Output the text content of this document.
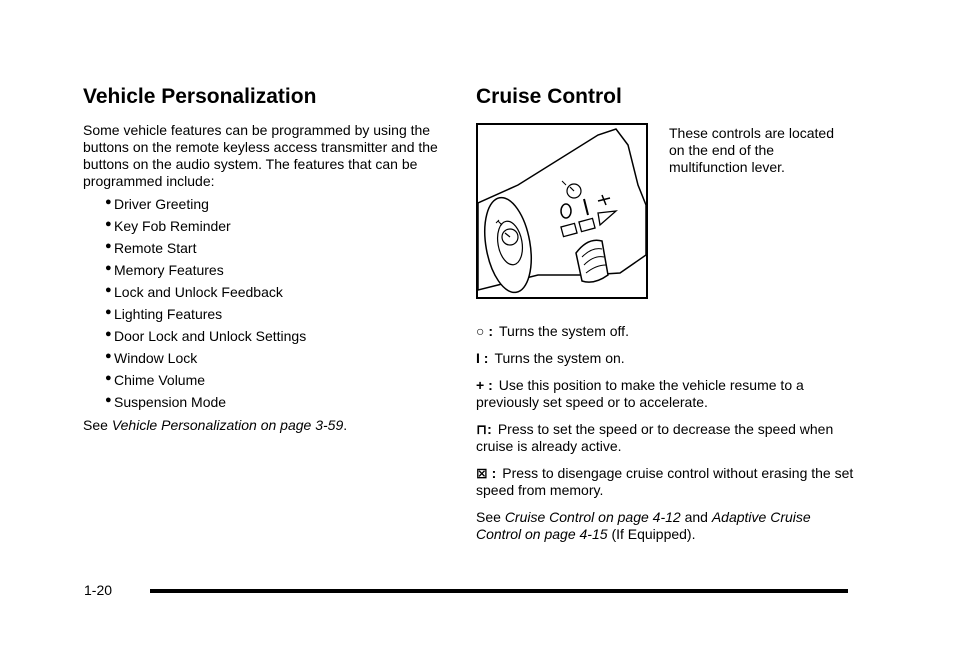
Vehicle Personalization

Some vehicle features can be programmed by using the buttons on the remote keyless access transmitter and the buttons on the audio system. The features that can be programmed include:

● Driver Greeting
● Key Fob Reminder
● Remote Start
● Memory Features
● Lock and Unlock Feedback
● Lighting Features
● Door Lock and Unlock Settings
● Window Lock
● Chime Volume
● Suspension Mode
See Vehicle Personalization on page 3-59.
Cruise Control
These controls are located on the end of the multifunction lever.
○ : Turns the system off.
I : Turns the system on.
+ : Use this position to make the vehicle resume to a previously set speed or to accelerate.
⊓: Press to set the speed or to decrease the speed when cruise is already active.
⊠ : Press to disengage cruise control without erasing the set speed from memory.
See Cruise Control on page 4-12 and Adaptive Cruise Control on page 4-15 (If Equipped).
1-20
